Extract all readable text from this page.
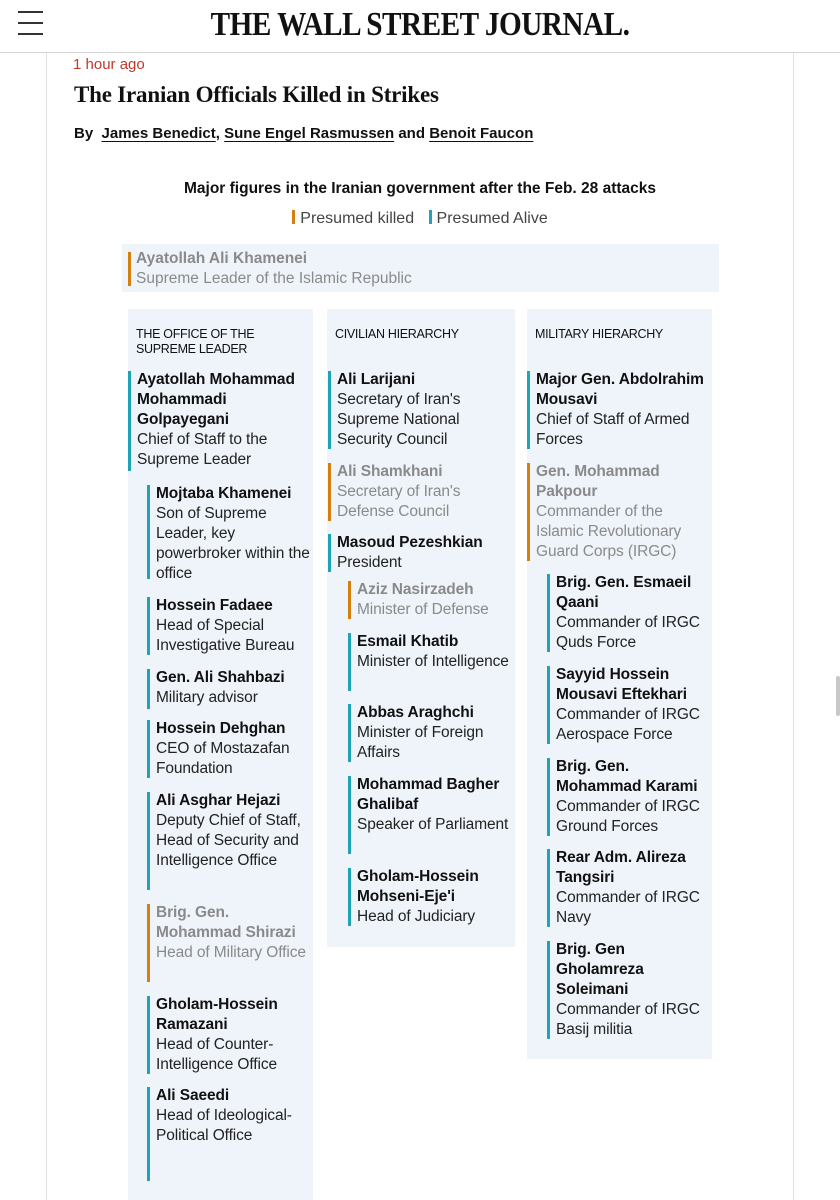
THE WALL STREET JOURNAL.
1 hour ago
The Iranian Officials Killed in Strikes
By James Benedict, Sune Engel Rasmussen and Benoit Faucon
Major figures in the Iranian government after the Feb. 28 attacks
Presumed killed Presumed Alive
Ayatollah Ali Khamenei
Supreme Leader of the Islamic Republic
THE OFFICE OF THE SUPREME LEADER
CIVILIAN HIERARCHY	MILITARY HIERARCHY
Ayatollah Mohammad Mohammadi Golpayegani
Chief of Staff to the Supreme Leader
Mojtaba Khamenei
Son of Supreme Leader, key powerbroker within the office
Hossein Fadaee
Head of Special Investigative Bureau
Gen. Ali Shahbazi
Military advisor
Hossein Dehghan
CEO of Mostazafan Foundation
Ali Asghar Hejazi
Deputy Chief of Staff, Head of Security and Intelligence Office
Brig. Gen. Mohammad Shirazi
Head of Military Office
Gholam-Hossein Ramazani
Head of Counter-Intelligence Office
Ali Saeedi
Head of Ideological-Political Office
Ali Larijani
Secretary of Iran's Supreme National Security Council
Ali Shamkhani
Secretary of Iran's Defense Council
Masoud Pezeshkian
President
Aziz Nasirzadeh
Minister of Defense
Esmail Khatib
Minister of Intelligence
Abbas Araghchi
Minister of Foreign Affairs
Mohammad Bagher Ghalibaf
Speaker of Parliament
Gholam-Hossein Mohseni-Eje'i
Head of Judiciary
Major Gen. Abdolrahim Mousavi
Chief of Staff of Armed Forces
Gen. Mohammad Pakpour
Commander of the Islamic Revolutionary Guard Corps (IRGC)
Brig. Gen. Esmaeil Qaani
Commander of IRGC Quds Force
Sayyid Hossein Mousavi Eftekhari
Commander of IRGC Aerospace Force
Brig. Gen. Mohammad Karami
Commander of IRGC Ground Forces
Rear Adm. Alireza Tangsiri
Commander of IRGC Navy
Brig. Gen Gholamreza Soleimani
Commander of IRGC Basij militia
